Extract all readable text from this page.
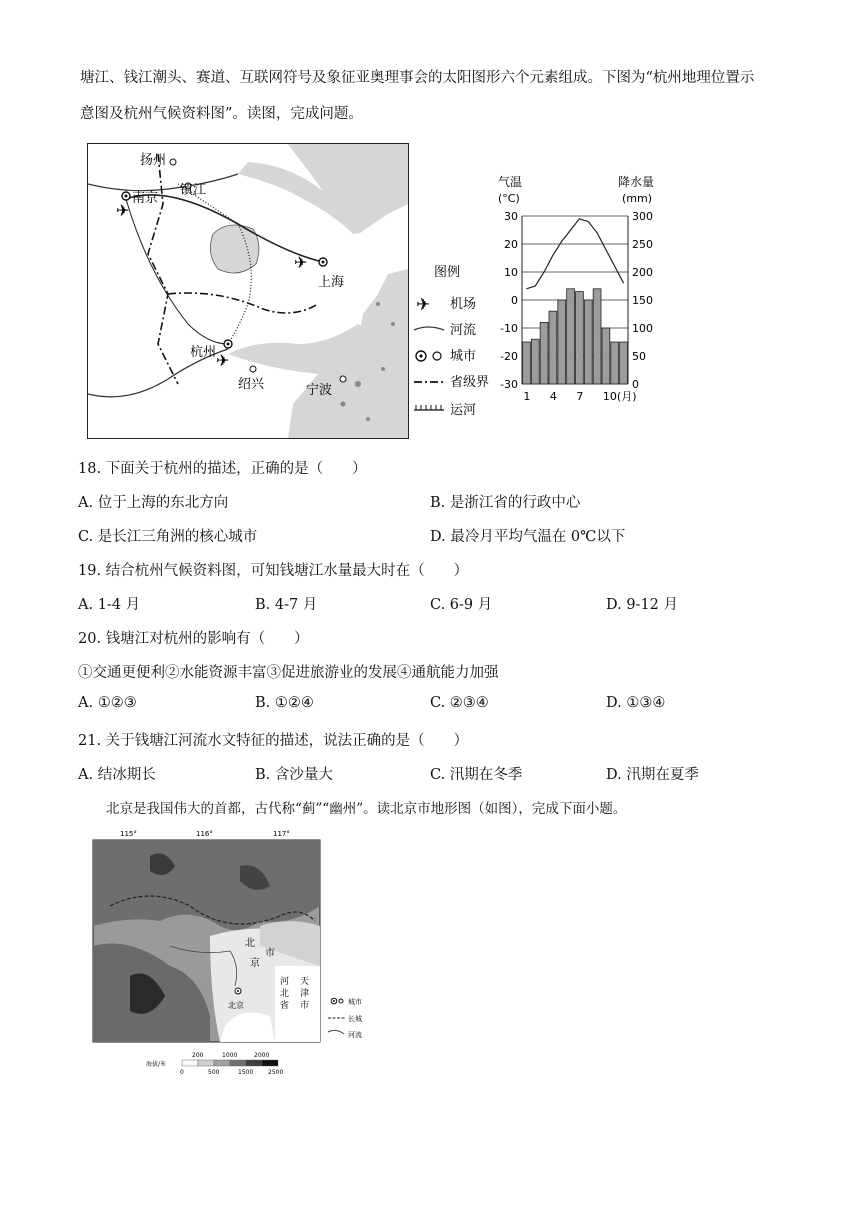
塘江、钱江潮头、赛道、互联网符号及象征亚奥理事会的太阳图形六个元素组成。下图为“杭州地理位置示
意图及杭州气候资料图”。读图，完成问题。
✈
✈
✈
扬州
镇江
南京
上海
杭州
绍兴	宁波
图例
✈ 机场
河流
城市
省级界
运河
气温
(°C)
降水量
(mm)
30
20
10
0
-10
-20
-30
300
250
200
150
100
50
0
1 4 7 10(月)
18. 下面关于杭州的描述，正确的是（　　）
A. 位于上海的东北方向	B. 是浙江省的行政中心
C. 是长江三角洲的核心城市	D. 最冷月平均气温在 0℃以下
19. 结合杭州气候资料图，可知钱塘江水量最大时在（　　）
A. 1-4 月	B. 4-7 月	C. 6-9 月	D. 9-12 月
20. 钱塘江对杭州的影响有（　　）
①交通更便利②水能资源丰富③促进旅游业的发展④通航能力加强
A. ①②③	B. ①②④	C. ②③④	D. ①③④
21. 关于钱塘江河流水文特征的描述，说法正确的是（　　）
A. 结冰期长	B. 含沙量大	C. 汛期在冬季	D. 汛期在夏季
北京是我国伟大的首都，古代称“蓟”“幽州”。读北京市地形图（如图），完成下面小题。
115°	116°	117°
北京
北
京
市
河
北
省
天
津
市	城市
长城
河流
海拔/米
200	1000	2000
0	500	1500 2500
